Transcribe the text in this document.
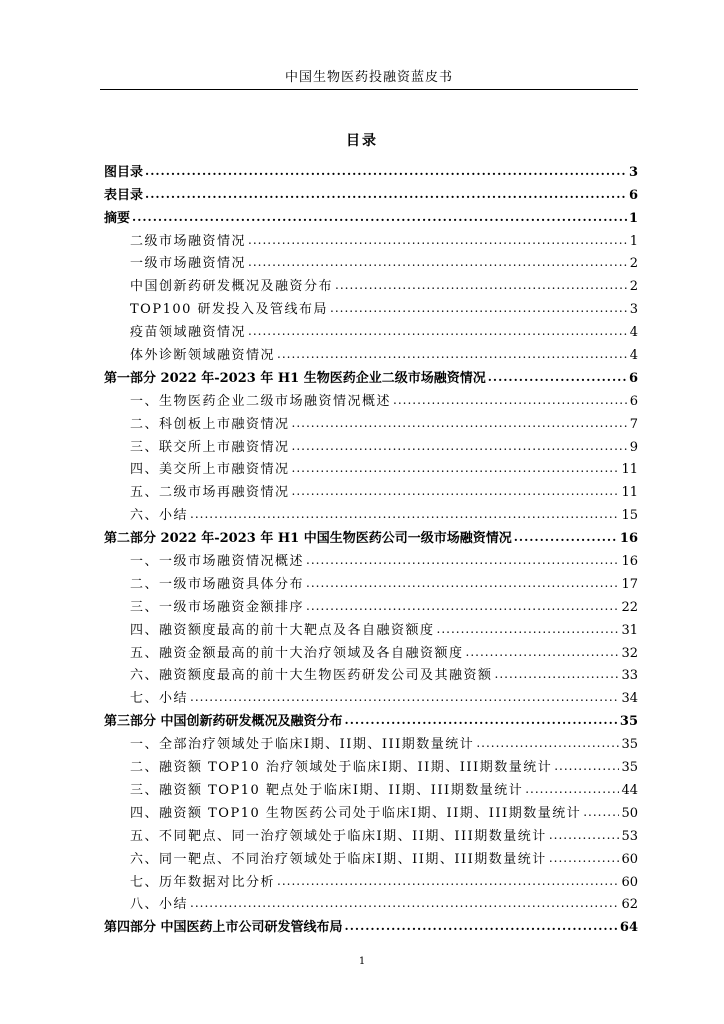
中国生物医药投融资蓝皮书
目录
图目录 .....	3
表目录 .....	6
摘要 .....	1
二级市场融资情况 .....	1
一级市场融资情况 .....	2
中国创新药研发概况及融资分布 .....	2
TOP100 研发投入及管线布局 .....	3
疫苗领域融资情况 .....	4
体外诊断领域融资情况 .....	4
第一部分 2022 年-2023 年 H1 生物医药企业二级市场融资情况 .....	6
一、生物医药企业二级市场融资情况概述 .....	6
二、科创板上市融资情况 .....	7
三、联交所上市融资情况 .....	9
四、美交所上市融资情况 .....	11
五、二级市场再融资情况 .....	11
六、小结 .....	15
第二部分 2022 年-2023 年 H1 中国生物医药公司一级市场融资情况 .....	16
一、一级市场融资情况概述 .....	16
二、一级市场融资具体分布 .....	17
三、一级市场融资金额排序 .....	22
四、融资额度最高的前十大靶点及各自融资额度 .....	31
五、融资金额最高的前十大治疗领域及各自融资额度 .....	32
六、融资额度最高的前十大生物医药研发公司及其融资额 .....	33
七、小结 .....	34
第三部分 中国创新药研发概况及融资分布 .....	35
一、全部治疗领域处于临床I期、II期、III期数量统计 .....	35
二、融资额 TOP10 治疗领域处于临床I期、II期、III期数量统计 .....	35
三、融资额 TOP10 靶点处于临床I期、II期、III期数量统计 .....	44
四、融资额 TOP10 生物医药公司处于临床I期、II期、III期数量统计 .....	50
五、不同靶点、同一治疗领域处于临床I期、II期、III期数量统计 .....	53
六、同一靶点、不同治疗领域处于临床I期、II期、III期数量统计 .....	60
七、历年数据对比分析 .....	60
八、小结 .....	62
第四部分 中国医药上市公司研发管线布局 .....	64
1
